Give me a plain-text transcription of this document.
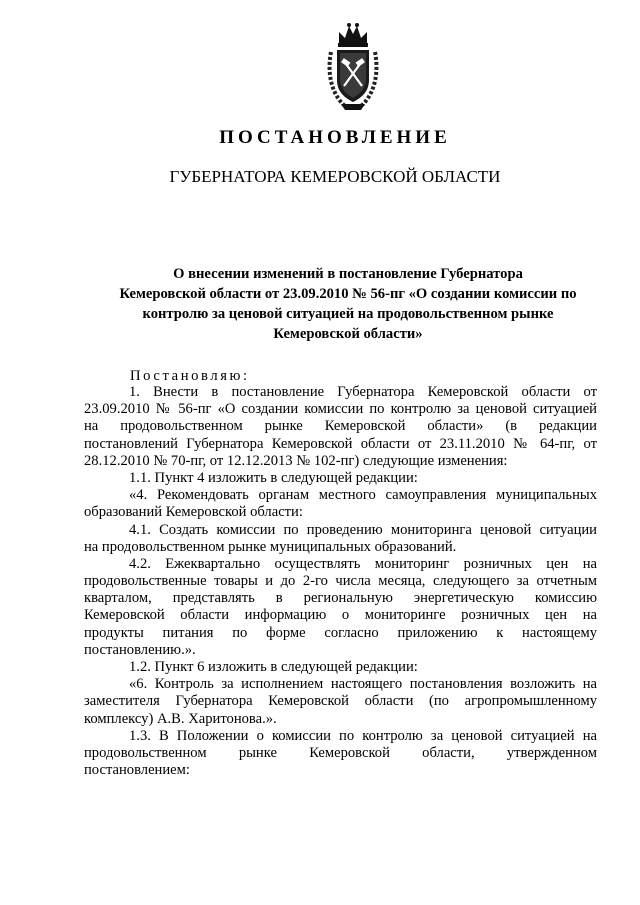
ПОСТАНОВЛЕНИЕ
ГУБЕРНАТОРА КЕМЕРОВСКОЙ ОБЛАСТИ
О внесении изменений в постановление Губернатора
Кемеровской области от 23.09.2010 № 56-пг «О создании комиссии по
контролю за ценовой ситуацией на продовольственном рынке
Кемеровской области»
Постановляю:
1. Внести в постановление Губернатора Кемеровской области от
23.09.2010 № 56-пг «О создании комиссии по контролю за ценовой ситуацией
на продовольственном рынке Кемеровской области» (в редакции
постановлений Губернатора Кемеровской области от 23.11.2010 № 64-пг, от
28.12.2010 № 70-пг, от 12.12.2013 № 102-пг) следующие изменения:
1.1. Пункт 4 изложить в следующей редакции:
«4. Рекомендовать органам местного самоуправления муниципальных
образований Кемеровской области:
4.1. Создать комиссии по проведению мониторинга ценовой ситуации
на продовольственном рынке муниципальных образований.
4.2. Ежеквартально осуществлять мониторинг розничных цен на
продовольственные товары и до 2-го числа месяца, следующего за отчетным
кварталом, представлять в региональную энергетическую комиссию
Кемеровской области информацию о мониторинге розничных цен на
продукты питания по форме согласно приложению к настоящему
постановлению.».
1.2. Пункт 6 изложить в следующей редакции:
«6. Контроль за исполнением настоящего постановления возложить на
заместителя Губернатора Кемеровской области (по агропромышленному
комплексу) А.В. Харитонова.».
1.3. В Положении о комиссии по контролю за ценовой ситуацией на
продовольственном рынке Кемеровской области, утвержденном
постановлением:
